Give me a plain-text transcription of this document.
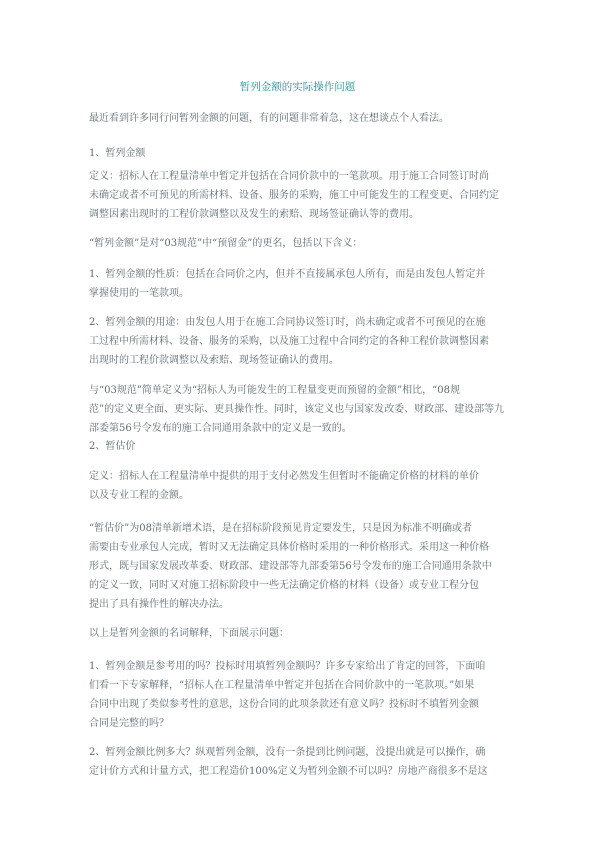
暂列金额的实际操作问题
最近看到许多同行问暂列金额的问题，有的问题非常着急，这在想谈点个人看法。
1、暂列金额
定义：招标人在工程量清单中暂定并包括在合同价款中的一笔款项。用于施工合同签订时尚
未确定或者不可预见的所需材料、设备、服务的采购，施工中可能发生的工程变更、合同约定
调整因素出现时的工程价款调整以及发生的索赔、现场签证确认等的费用。
“暂列金额”是对“03规范”中“预留金”的更名，包括以下含义：
1、暂列金额的性质：包括在合同价之内，但并不直接属承包人所有，而是由发包人暂定并
掌握使用的一笔款项。
2、暂列金额的用途：由发包人用于在施工合同协议签订时，尚未确定或者不可预见的在施
工过程中所需材料、设备、服务的采购，以及施工过程中合同约定的各种工程价款调整因素
出现时的工程价款调整以及索赔、现场签证确认的费用。
与“03规范”简单定义为“招标人为可能发生的工程量变更而预留的金额”相比，“08规
范”的定义更全面、更实际、更具操作性。同时，该定义也与国家发改委、财政部、建设部等九
部委第56号令发布的施工合同通用条款中的定义是一致的。
2、暂估价
定义：招标人在工程量清单中提供的用于支付必然发生但暂时不能确定价格的材料的单价
以及专业工程的金额。
“暂估价”为08清单新增术语，是在招标阶段预见肯定要发生，只是因为标准不明确或者
需要由专业承包人完成，暂时又无法确定具体价格时采用的一种价格形式。采用这一种价格
形式，既与国家发展改革委、财政部、建设部等九部委第56号令发布的施工合同通用条款中
的定义一致，同时又对施工招标阶段中一些无法确定价格的材料（设备）或专业工程分包
提出了具有操作性的解决办法。
以上是暂列金额的名词解释，下面展示问题：
1、暂列金额是参考用的吗？投标时用填暂列金额吗？许多专家给出了肯定的回答，下面咱
们看一下专家解释，“招标人在工程量清单中暂定并包括在合同价款中的一笔款项。”如果
合同中出现了类似参考性的意思，这份合同的此项条款还有意义吗？投标时不填暂列金额
合同是完整的吗？
2、暂列金额比例多大？纵观暂列金额，没有一条提到比例问题，没提出就是可以操作，确
定计价方式和计量方式，把工程造价100%定义为暂列金额不可以吗？房地产商很多不是这
